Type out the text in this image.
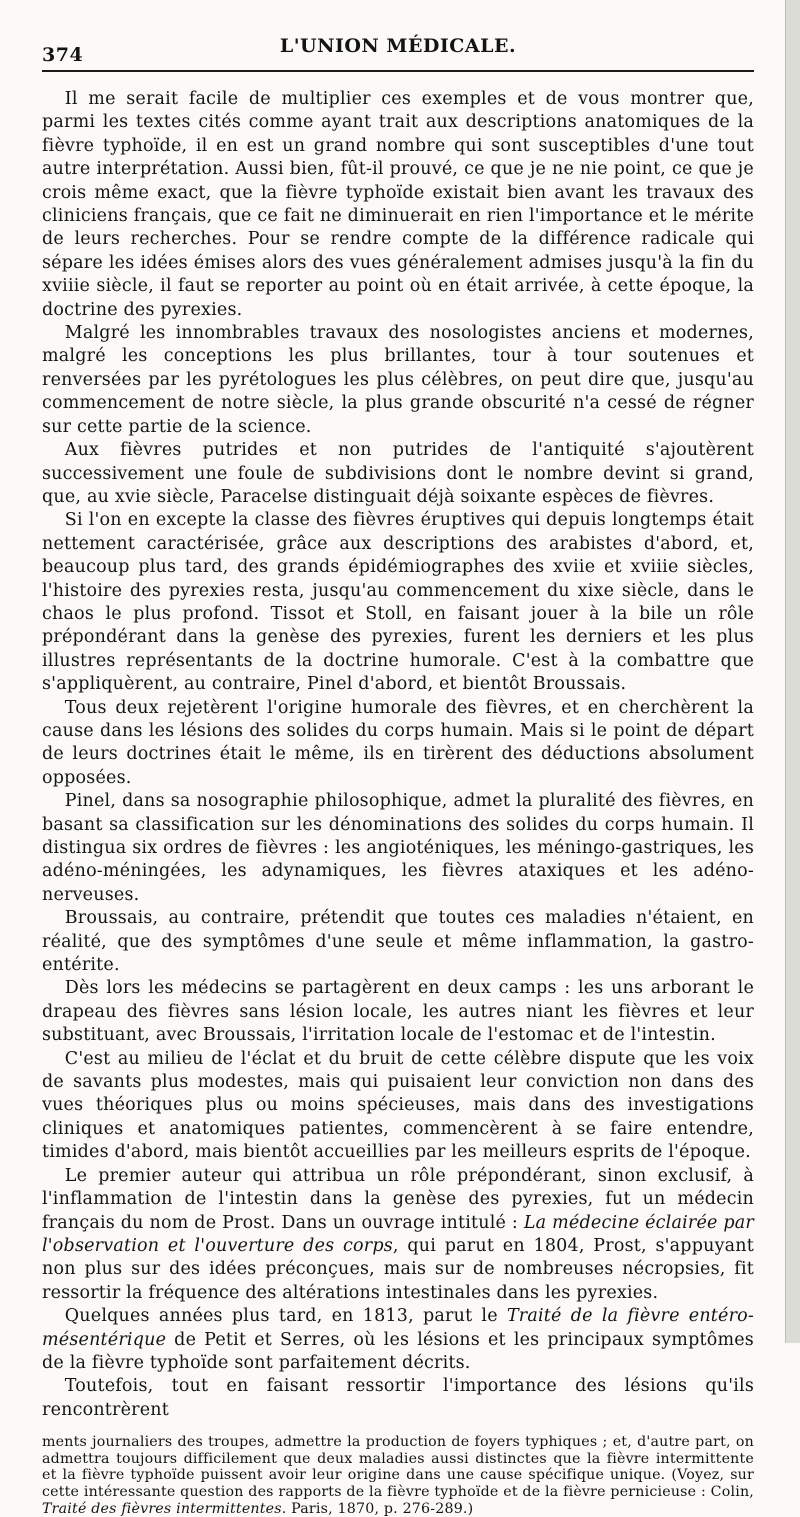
374	L'UNION MÉDICALE.

Il me serait facile de multiplier ces exemples et de vous montrer que, parmi les textes cités comme ayant trait aux descriptions anatomiques de la fièvre typhoïde, il en est un grand nombre qui sont susceptibles d'une tout autre interprétation. Aussi bien, fût-il prouvé, ce que je ne nie point, ce que je crois même exact, que la fièvre typhoïde existait bien avant les travaux des cliniciens français, que ce fait ne diminuerait en rien l'importance et le mérite de leurs recherches. Pour se rendre compte de la différence radicale qui sépare les idées émises alors des vues généralement admises jusqu'à la fin du xviiie siècle, il faut se reporter au point où en était arrivée, à cette époque, la doctrine des pyrexies.

Malgré les innombrables travaux des nosologistes anciens et modernes, malgré les conceptions les plus brillantes, tour à tour soutenues et renversées par les pyrétologues les plus célèbres, on peut dire que, jusqu'au commencement de notre siècle, la plus grande obscurité n'a cessé de régner sur cette partie de la science.

Aux fièvres putrides et non putrides de l'antiquité s'ajoutèrent successivement une foule de subdivisions dont le nombre devint si grand, que, au xvie siècle, Paracelse distinguait déjà soixante espèces de fièvres.

Si l'on en excepte la classe des fièvres éruptives qui depuis longtemps était nettement caractérisée, grâce aux descriptions des arabistes d'abord, et, beaucoup plus tard, des grands épidémiographes des xviie et xviiie siècles, l'histoire des pyrexies resta, jusqu'au commencement du xixe siècle, dans le chaos le plus profond. Tissot et Stoll, en faisant jouer à la bile un rôle prépondérant dans la genèse des pyrexies, furent les derniers et les plus illustres représentants de la doctrine humorale. C'est à la combattre que s'appliquèrent, au contraire, Pinel d'abord, et bientôt Broussais.

Tous deux rejetèrent l'origine humorale des fièvres, et en cherchèrent la cause dans les lésions des solides du corps humain. Mais si le point de départ de leurs doctrines était le même, ils en tirèrent des déductions absolument opposées.

Pinel, dans sa nosographie philosophique, admet la pluralité des fièvres, en basant sa classification sur les dénominations des solides du corps humain. Il distingua six ordres de fièvres : les angioténiques, les méningo-gastriques, les adéno-méningées, les adynamiques, les fièvres ataxiques et les adéno-nerveuses.

Broussais, au contraire, prétendit que toutes ces maladies n'étaient, en réalité, que des symptômes d'une seule et même inflammation, la gastro-entérite.

Dès lors les médecins se partagèrent en deux camps : les uns arborant le drapeau des fièvres sans lésion locale, les autres niant les fièvres et leur substituant, avec Broussais, l'irritation locale de l'estomac et de l'intestin.

C'est au milieu de l'éclat et du bruit de cette célèbre dispute que les voix de savants plus modestes, mais qui puisaient leur conviction non dans des vues théoriques plus ou moins spécieuses, mais dans des investigations cliniques et anatomiques patientes, commencèrent à se faire entendre, timides d'abord, mais bientôt accueillies par les meilleurs esprits de l'époque.

Le premier auteur qui attribua un rôle prépondérant, sinon exclusif, à l'inflammation de l'intestin dans la genèse des pyrexies, fut un médecin français du nom de Prost. Dans un ouvrage intitulé : La médecine éclairée par l'observation et l'ouverture des corps, qui parut en 1804, Prost, s'appuyant non plus sur des idées préconçues, mais sur de nombreuses nécropsies, fit ressortir la fréquence des altérations intestinales dans les pyrexies.

Quelques années plus tard, en 1813, parut le Traité de la fièvre entéro-mésentérique de Petit et Serres, où les lésions et les principaux symptômes de la fièvre typhoïde sont parfaitement décrits.

Toutefois, tout en faisant ressortir l'importance des lésions qu'ils rencontrèrent

ments journaliers des troupes, admettre la production de foyers typhiques ; et, d'autre part, on admettra toujours difficilement que deux maladies aussi distinctes que la fièvre intermittente et la fièvre typhoïde puissent avoir leur origine dans une cause spécifique unique. (Voyez, sur cette intéressante question des rapports de la fièvre typhoïde et de la fièvre pernicieuse : Colin, Traité des fièvres intermittentes. Paris, 1870, p. 276-289.)
